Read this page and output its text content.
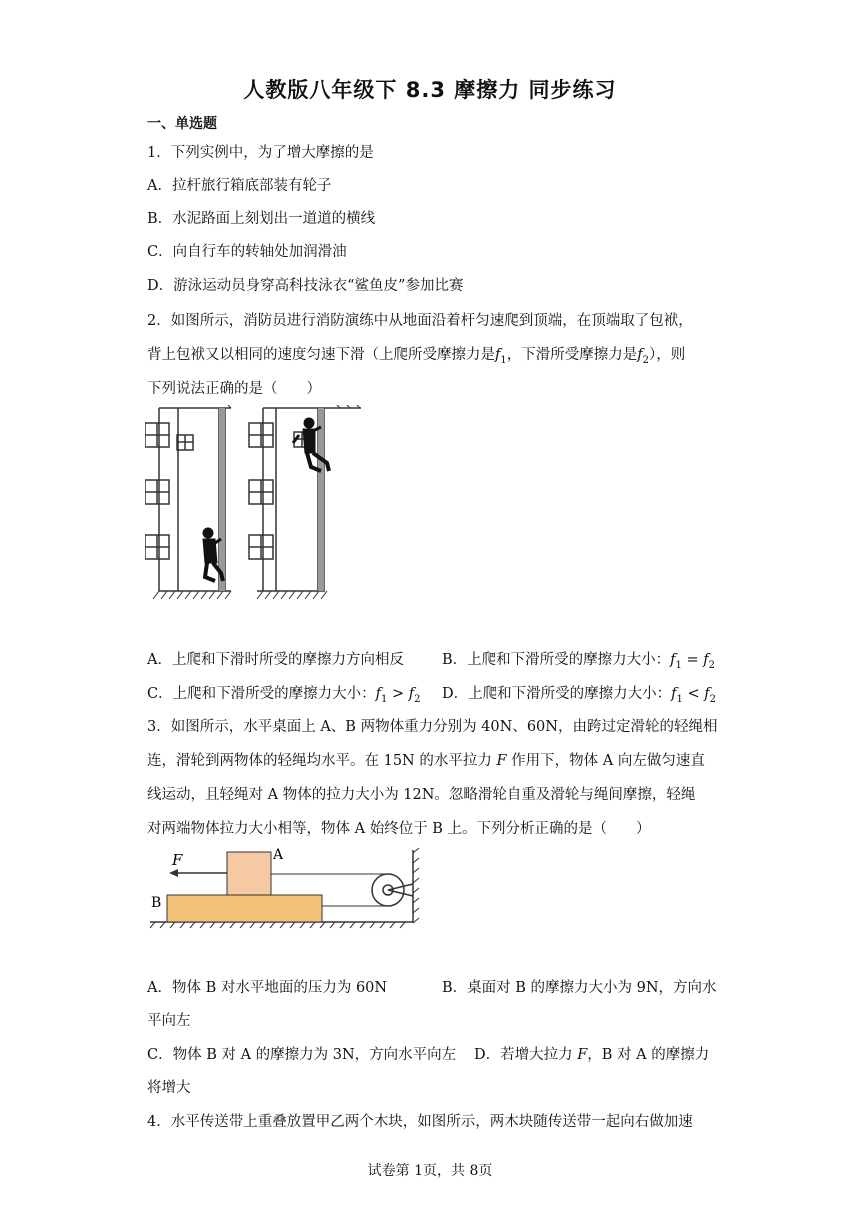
人教版八年级下 8.3 摩擦力 同步练习
一、单选题
1．下列实例中，为了增大摩擦的是
A．拉杆旅行箱底部装有轮子
B．水泥路面上刻划出一道道的横线
C．向自行车的转轴处加润滑油
D．游泳运动员身穿高科技泳衣“鲨鱼皮”参加比赛
2．如图所示，消防员进行消防演练中从地面沿着杆匀速爬到顶端，在顶端取了包袱，
背上包袱又以相同的速度匀速下滑（上爬所受摩擦力是$f_1$，下滑所受摩擦力是$f_2$），则
下列说法正确的是（　　）
A．上爬和下滑时所受的摩擦力方向相反	B．上爬和下滑所受的摩擦力大小：$f_1 = f_2$
C．上爬和下滑所受的摩擦力大小：$f_1 > f_2$ D．上爬和下滑所受的摩擦力大小：$f_1 < f_2$
3．如图所示，水平桌面上 A、B 两物体重力分别为 40N、60N，由跨过定滑轮的轻绳相
连，滑轮到两物体的轻绳均水平。在 15N 的水平拉力 F 作用下，物体 A 向左做匀速直
线运动，且轻绳对 A 物体的拉力大小为 12N。忽略滑轮自重及滑轮与绳间摩擦，轻绳
对两端物体拉力大小相等，物体 A 始终位于 B 上。下列分析正确的是（　　）
F	A
B
A．物体 B 对水平地面的压力为 60N	B．桌面对 B 的摩擦力大小为 9N，方向水
平向左
C．物体 B 对 A 的摩擦力为 3N，方向水平向左 D．若增大拉力 F，B 对 A 的摩擦力
将增大
4．水平传送带上重叠放置甲乙两个木块，如图所示，两木块随传送带一起向右做加速
试卷第 1页，共 8页
